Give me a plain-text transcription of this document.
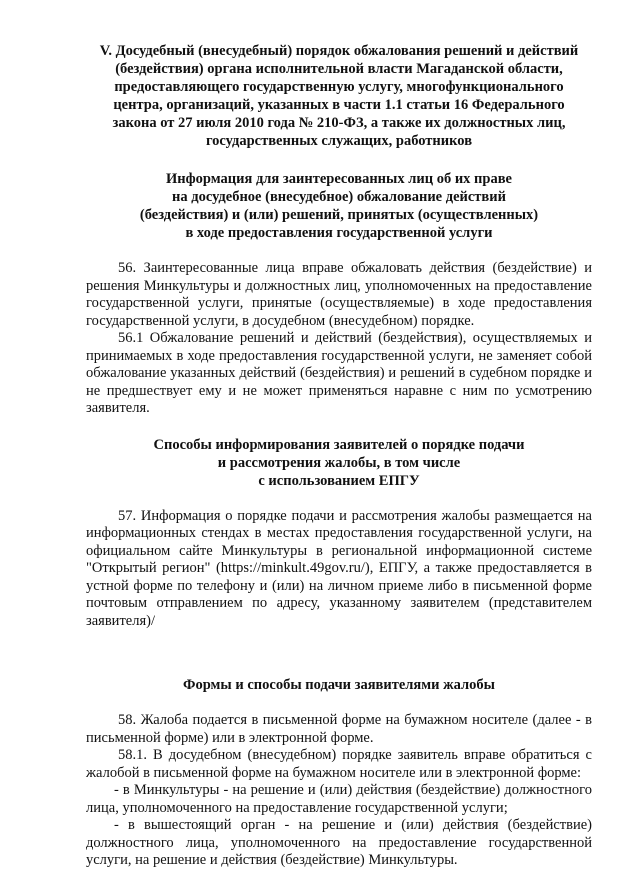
V. Досудебный (внесудебный) порядок обжалования решений и действий
(бездействия) органа исполнительной власти Магаданской области,
предоставляющего государственную услугу, многофункционального
центра, организаций, указанных в части 1.1 статьи 16 Федерального
закона от 27 июля 2010 года № 210-ФЗ, а также их должностных лиц,
государственных служащих, работников
Информация для заинтересованных лиц об их праве
на досудебное (внесудебное) обжалование действий
(бездействия) и (или) решений, принятых (осуществленных)
в ходе предоставления государственной услуги

56. Заинтересованные лица вправе обжаловать действия (бездействие) и решения Минкультуры и должностных лиц, уполномоченных на предоставление государственной услуги, принятые (осуществляемые) в ходе предоставления государственной услуги, в досудебном (внесудебном) порядке.

56.1 Обжалование решений и действий (бездействия), осуществляемых и принимаемых в ходе предоставления государственной услуги, не заменяет собой обжалование указанных действий (бездействия) и решений в судебном порядке и не предшествует ему и не может применяться наравне с ним по усмотрению заявителя.

Способы информирования заявителей о порядке подачи
и рассмотрения жалобы, в том числе
с использованием ЕПГУ

57. Информация о порядке подачи и рассмотрения жалобы размещается на информационных стендах в местах предоставления государственной услуги, на официальном сайте Минкультуры в региональной информационной системе "Открытый регион" (https://minkult.49gov.ru/), ЕПГУ, а также предоставляется в устной форме по телефону и (или) на личном приеме либо в письменной форме почтовым отправлением по адресу, указанному заявителем (представителем заявителя)/

Формы и способы подачи заявителями жалобы

58. Жалоба подается в письменной форме на бумажном носителе (далее - в письменной форме) или в электронной форме.

58.1. В досудебном (внесудебном) порядке заявитель вправе обратиться с жалобой в письменной форме на бумажном носителе или в электронной форме:

- в Минкультуры - на решение и (или) действия (бездействие) должностного лица, уполномоченного на предоставление государственной услуги;

- в вышестоящий орган - на решение и (или) действия (бездействие) должностного лица, уполномоченного на предоставление государственной услуги, на решение и действия (бездействие) Минкультуры.
